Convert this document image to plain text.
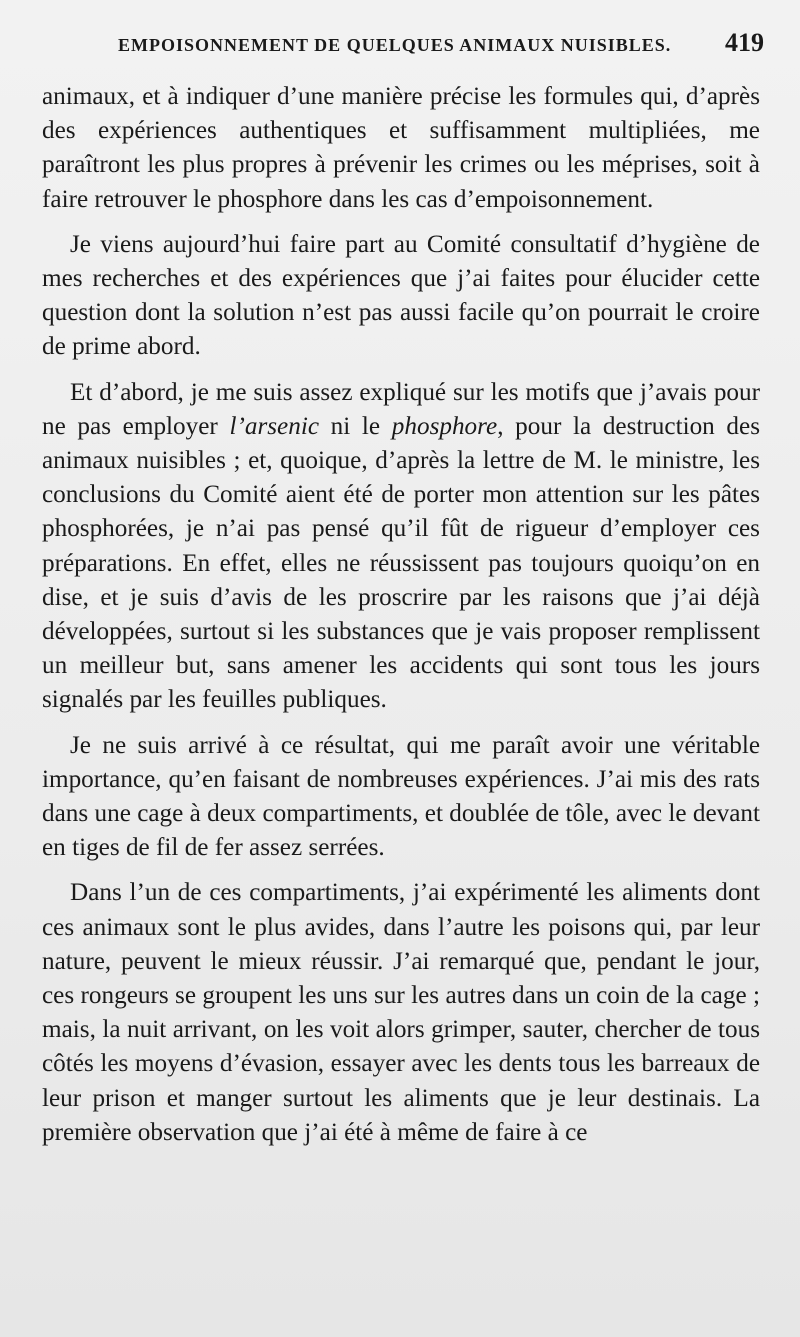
EMPOISONNEMENT DE QUELQUES ANIMAUX NUISIBLES. 419

animaux, et à indiquer d’une manière précise les formules qui, d’après des expériences authentiques et suffisamment multipliées, me paraîtront les plus propres à prévenir les crimes ou les méprises, soit à faire retrouver le phosphore dans les cas d’empoisonnement.

Je viens aujourd’hui faire part au Comité consultatif d’hygiène de mes recherches et des expériences que j’ai faites pour élucider cette question dont la solution n’est pas aussi facile qu’on pourrait le croire de prime abord.

Et d’abord, je me suis assez expliqué sur les motifs que j’avais pour ne pas employer l’arsenic ni le phosphore, pour la destruction des animaux nuisibles ; et, quoique, d’après la lettre de M. le ministre, les conclusions du Comité aient été de porter mon attention sur les pâtes phosphorées, je n’ai pas pensé qu’il fût de rigueur d’employer ces préparations. En effet, elles ne réussissent pas toujours quoiqu’on en dise, et je suis d’avis de les proscrire par les raisons que j’ai déjà développées, surtout si les substances que je vais proposer remplissent un meilleur but, sans amener les accidents qui sont tous les jours signalés par les feuilles publiques.

Je ne suis arrivé à ce résultat, qui me paraît avoir une véritable importance, qu’en faisant de nombreuses expériences. J’ai mis des rats dans une cage à deux compartiments, et doublée de tôle, avec le devant en tiges de fil de fer assez serrées.

Dans l’un de ces compartiments, j’ai expérimenté les aliments dont ces animaux sont le plus avides, dans l’autre les poisons qui, par leur nature, peuvent le mieux réussir. J’ai remarqué que, pendant le jour, ces rongeurs se groupent les uns sur les autres dans un coin de la cage ; mais, la nuit arrivant, on les voit alors grimper, sauter, chercher de tous côtés les moyens d’évasion, essayer avec les dents tous les barreaux de leur prison et manger surtout les aliments que je leur destinais. La première observation que j’ai été à même de faire à ce
